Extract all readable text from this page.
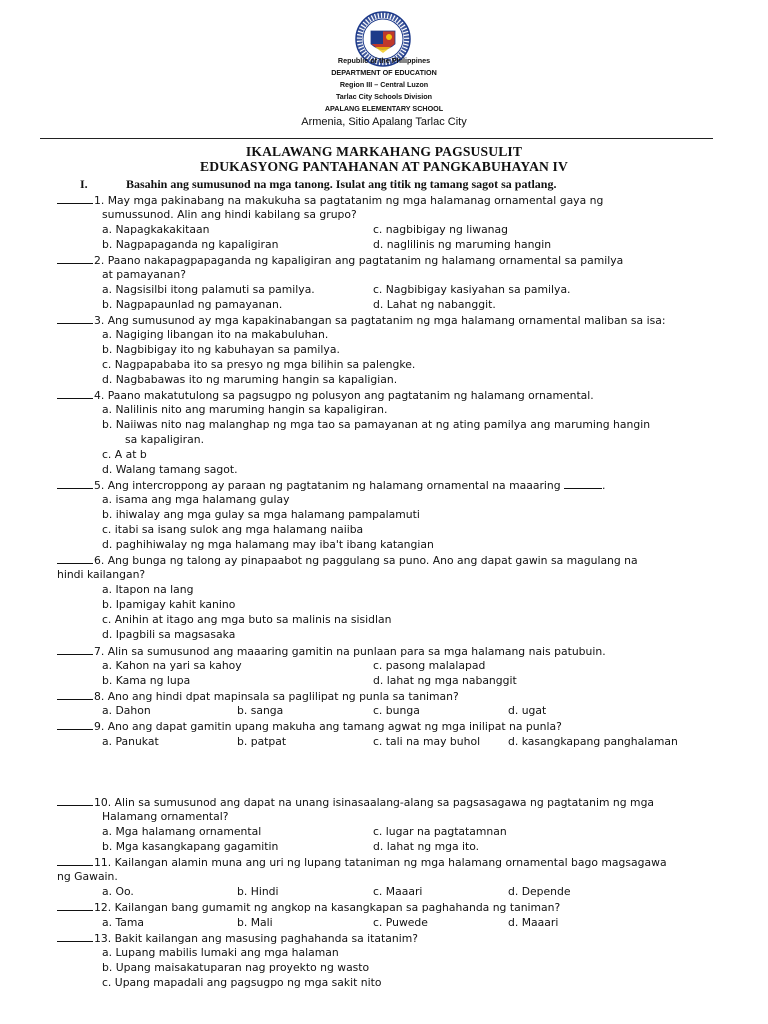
Republic of the Philippines
DEPARTMENT OF EDUCATION
Region III – Central Luzon
Tarlac City Schools Division
APALANG ELEMENTARY SCHOOL
Armenia, Sitio Apalang Tarlac City
IKALAWANG MARKAHANG PAGSUSULIT
EDUKASYONG PANTAHANAN AT PANGKABUHAYAN IV
I.	Basahin ang sumusunod na mga tanong. Isulat ang titik ng tamang sagot sa patlang.
1. May mga pakinabang na makukuha sa pagtatanim ng mga halamanag ornamental gaya ng
sumussunod. Alin ang hindi kabilang sa grupo?
a. Napagkakakitaan	c. nagbibigay ng liwanag
b. Nagpapaganda ng kapaligiran	d. naglilinis ng maruming hangin
2. Paano nakapagpapaganda ng kapaligiran ang pagtatanim ng halamang ornamental sa pamilya
at pamayanan?
a. Nagsisilbi itong palamuti sa pamilya.	c. Nagbibigay kasiyahan sa pamilya.
b. Nagpapaunlad ng pamayanan.	d. Lahat ng nabanggit.
3. Ang sumusunod ay mga kapakinabangan sa pagtatanim ng mga halamang ornamental maliban sa isa:
a. Nagiging libangan ito na makabuluhan.
b. Nagbibigay ito ng kabuhayan sa pamilya.
c. Nagpapababa ito sa presyo ng mga bilihin sa palengke.
d. Nagbabawas ito ng maruming hangin sa kapaligian.
4. Paano makatutulong sa pagsugpo ng polusyon ang pagtatanim ng halamang ornamental.
a. Nalilinis nito ang maruming hangin sa kapaligiran.
b. Naiiwas nito nag malanghap ng mga tao sa pamayanan at ng ating pamilya ang maruming hangin
sa kapaligiran.
c. A at b
d. Walang tamang sagot.
5. Ang intercroppong ay paraan ng pagtatanim ng halamang ornamental na maaaring	.
a. isama ang mga halamang gulay
b. ihiwalay ang mga gulay sa mga halamang pampalamuti
c. itabi sa isang sulok ang mga halamang naiiba
d. paghihiwalay ng mga halamang may iba't ibang katangian
6. Ang bunga ng talong ay pinapaabot ng paggulang sa puno. Ano ang dapat gawin sa magulang na
hindi kailangan?
a. Itapon na lang
b. Ipamigay kahit kanino
c. Anihin at itago ang mga buto sa malinis na sisidlan
d. Ipagbili sa magsasaka
7. Alin sa sumusunod ang maaaring gamitin na punlaan para sa mga halamang nais patubuin.
a. Kahon na yari sa kahoy	c. pasong malalapad
b. Kama ng lupa	d. lahat ng mga nabanggit
8. Ano ang hindi dpat mapinsala sa paglilipat ng punla sa taniman?
a. Dahon	b. sanga	c. bunga	d. ugat
9. Ano ang dapat gamitin upang makuha ang tamang agwat ng mga inilipat na punla?
a. Panukat	b. patpat	c. tali na may buhol	d. kasangkapang panghalaman
10. Alin sa sumusunod ang dapat na unang isinasaalang-alang sa pagsasagawa ng pagtatanim ng mga
Halamang ornamental?
a. Mga halamang ornamental	c. lugar na pagtatamnan
b. Mga kasangkapang gagamitin	d. lahat ng mga ito.
11. Kailangan alamin muna ang uri ng lupang tataniman ng mga halamang ornamental bago magsagawa
ng Gawain.
a. Oo.	b. Hindi	c. Maaari	d. Depende
12. Kailangan bang gumamit ng angkop na kasangkapan sa paghahanda ng taniman?
a. Tama	b. Mali	c. Puwede	d. Maaari
13. Bakit kailangan ang masusing paghahanda sa itatanim?
a. Lupang mabilis lumaki ang mga halaman
b. Upang maisakatuparan nag proyekto ng wasto
c. Upang mapadali ang pagsugpo ng mga sakit nito
